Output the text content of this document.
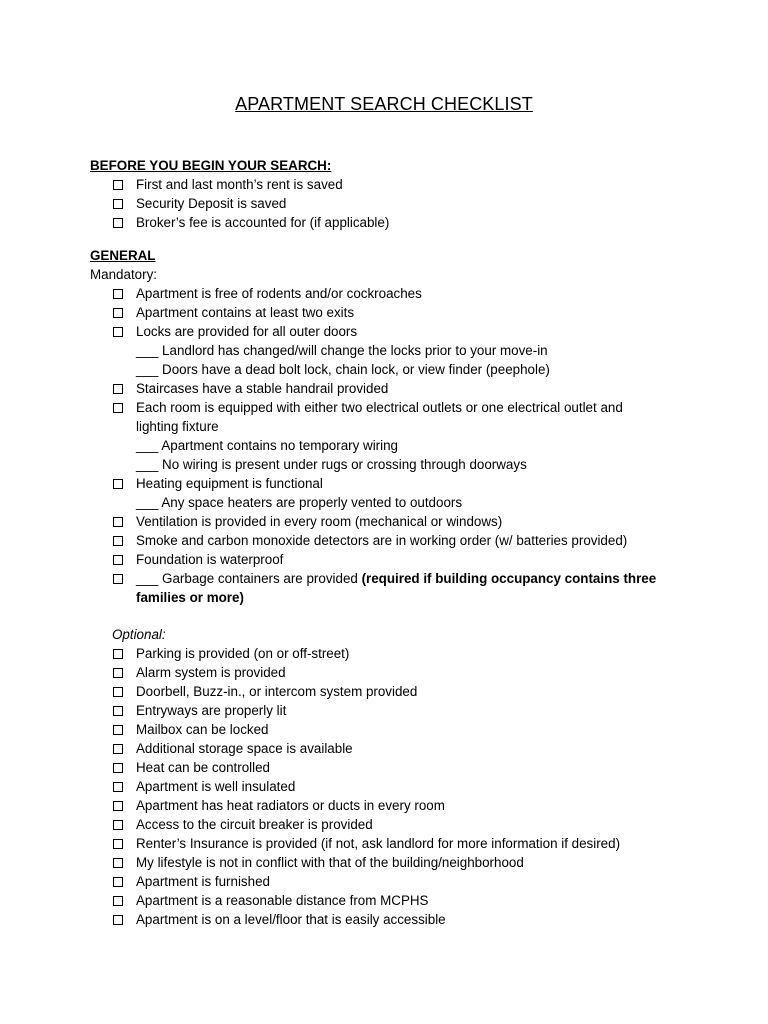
APARTMENT SEARCH CHECKLIST
BEFORE YOU BEGIN YOUR SEARCH:
First and last month’s rent is saved
Security Deposit is saved
Broker’s fee is accounted for (if applicable)
GENERAL
Mandatory:
Apartment is free of rodents and/or cockroaches
Apartment contains at least two exits
Locks are provided for all outer doors
___ Landlord has changed/will change the locks prior to your move-in
___ Doors have a dead bolt lock, chain lock, or view finder (peephole)
Staircases have a stable handrail provided
Each room is equipped with either two electrical outlets or one electrical outlet and
lighting fixture
___ Apartment contains no temporary wiring
___ No wiring is present under rugs or crossing through doorways
Heating equipment is functional
___ Any space heaters are properly vented to outdoors
Ventilation is provided in every room (mechanical or windows)
Smoke and carbon monoxide detectors are in working order (w/ batteries provided)
Foundation is waterproof
___ Garbage containers are provided (required if building occupancy contains three
families or more)
Optional:
Parking is provided (on or off-street)
Alarm system is provided
Doorbell, Buzz-in., or intercom system provided
Entryways are properly lit
Mailbox can be locked
Additional storage space is available
Heat can be controlled
Apartment is well insulated
Apartment has heat radiators or ducts in every room
Access to the circuit breaker is provided
Renter’s Insurance is provided (if not, ask landlord for more information if desired)
My lifestyle is not in conflict with that of the building/neighborhood
Apartment is furnished
Apartment is a reasonable distance from MCPHS
Apartment is on a level/floor that is easily accessible
